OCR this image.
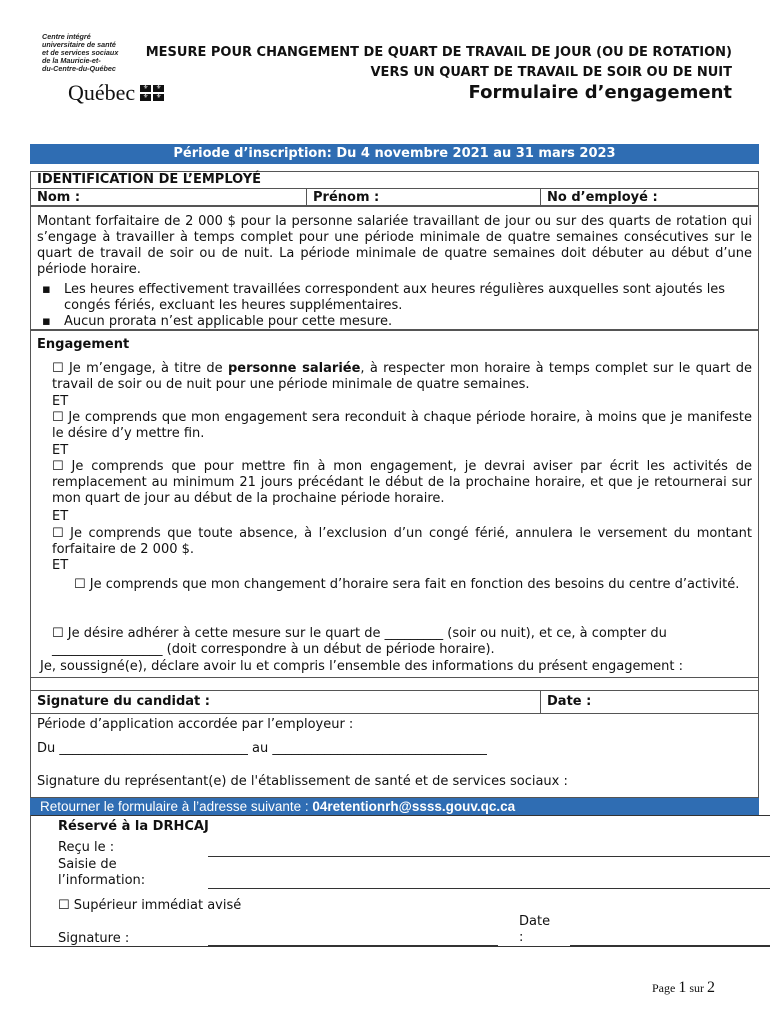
Centre intégré
universitaire de santé
et de services sociaux
de la Mauricie-et-
du-Centre-du-Québec
Québec	⚜	⚜
⚜	⚜
MESURE POUR CHANGEMENT DE QUART DE TRAVAIL DE JOUR (OU DE ROTATION)
VERS UN QUART DE TRAVAIL DE SOIR OU DE NUIT
Formulaire d’engagement
Période d’inscription: Du 4 novembre 2021 au 31 mars 2023
IDENTIFICATION DE L’EMPLOYÉ
Nom :	Prénom :	No d’employé :
Montant forfaitaire de 2 000 $ pour la personne salariée travaillant de jour ou sur des quarts de rotation qui s’engage à travailler à temps complet pour une période minimale de quatre semaines consécutives sur le quart de travail de soir ou de nuit. La période minimale de quatre semaines doit débuter au début d’une période horaire.
▪	Les heures effectivement travaillées correspondent aux heures régulières auxquelles sont ajoutés les congés fériés, excluant les heures supplémentaires.
▪	Aucun prorata n’est applicable pour cette mesure.
Engagement
☐ Je m’engage, à titre de personne salariée, à respecter mon horaire à temps complet sur le quart de travail de soir ou de nuit pour une période minimale de quatre semaines.
ET
☐ Je comprends que mon engagement sera reconduit à chaque période horaire, à moins que je manifeste le désire d’y mettre fin.
ET
☐ Je comprends que pour mettre fin à mon engagement, je devrai aviser par écrit les activités de remplacement au minimum 21 jours précédant le début de la prochaine horaire, et que je retournerai sur mon quart de jour au début de la prochaine période horaire.
ET
☐ Je comprends que toute absence, à l’exclusion d’un congé férié, annulera le versement du montant forfaitaire de 2 000 $.
ET
☐ Je comprends que mon changement d’horaire sera fait en fonction des besoins du centre d’activité.
☐ Je désire adhérer à cette mesure sur le quart de _________ (soir ou nuit), et ce, à compter du
_________________ (doit correspondre à un début de période horaire).
Je, soussigné(e), déclare avoir lu et compris l’ensemble des informations du présent engagement :
Signature du candidat :	Date :
Période d’application accordée par l’employeur :
Du _____________________________ au _________________________________
Signature du représentant(e) de l'établissement de santé et de services sociaux :
Retourner le formulaire à l’adresse suivante : 04retentionrh@ssss.gouv.qc.ca
Réservé à la DRHCAJ
Reçu le :
Saisie de
l’information:
☐ Supérieur immédiat avisé
Date
:
Signature :
Page 1 sur 2
